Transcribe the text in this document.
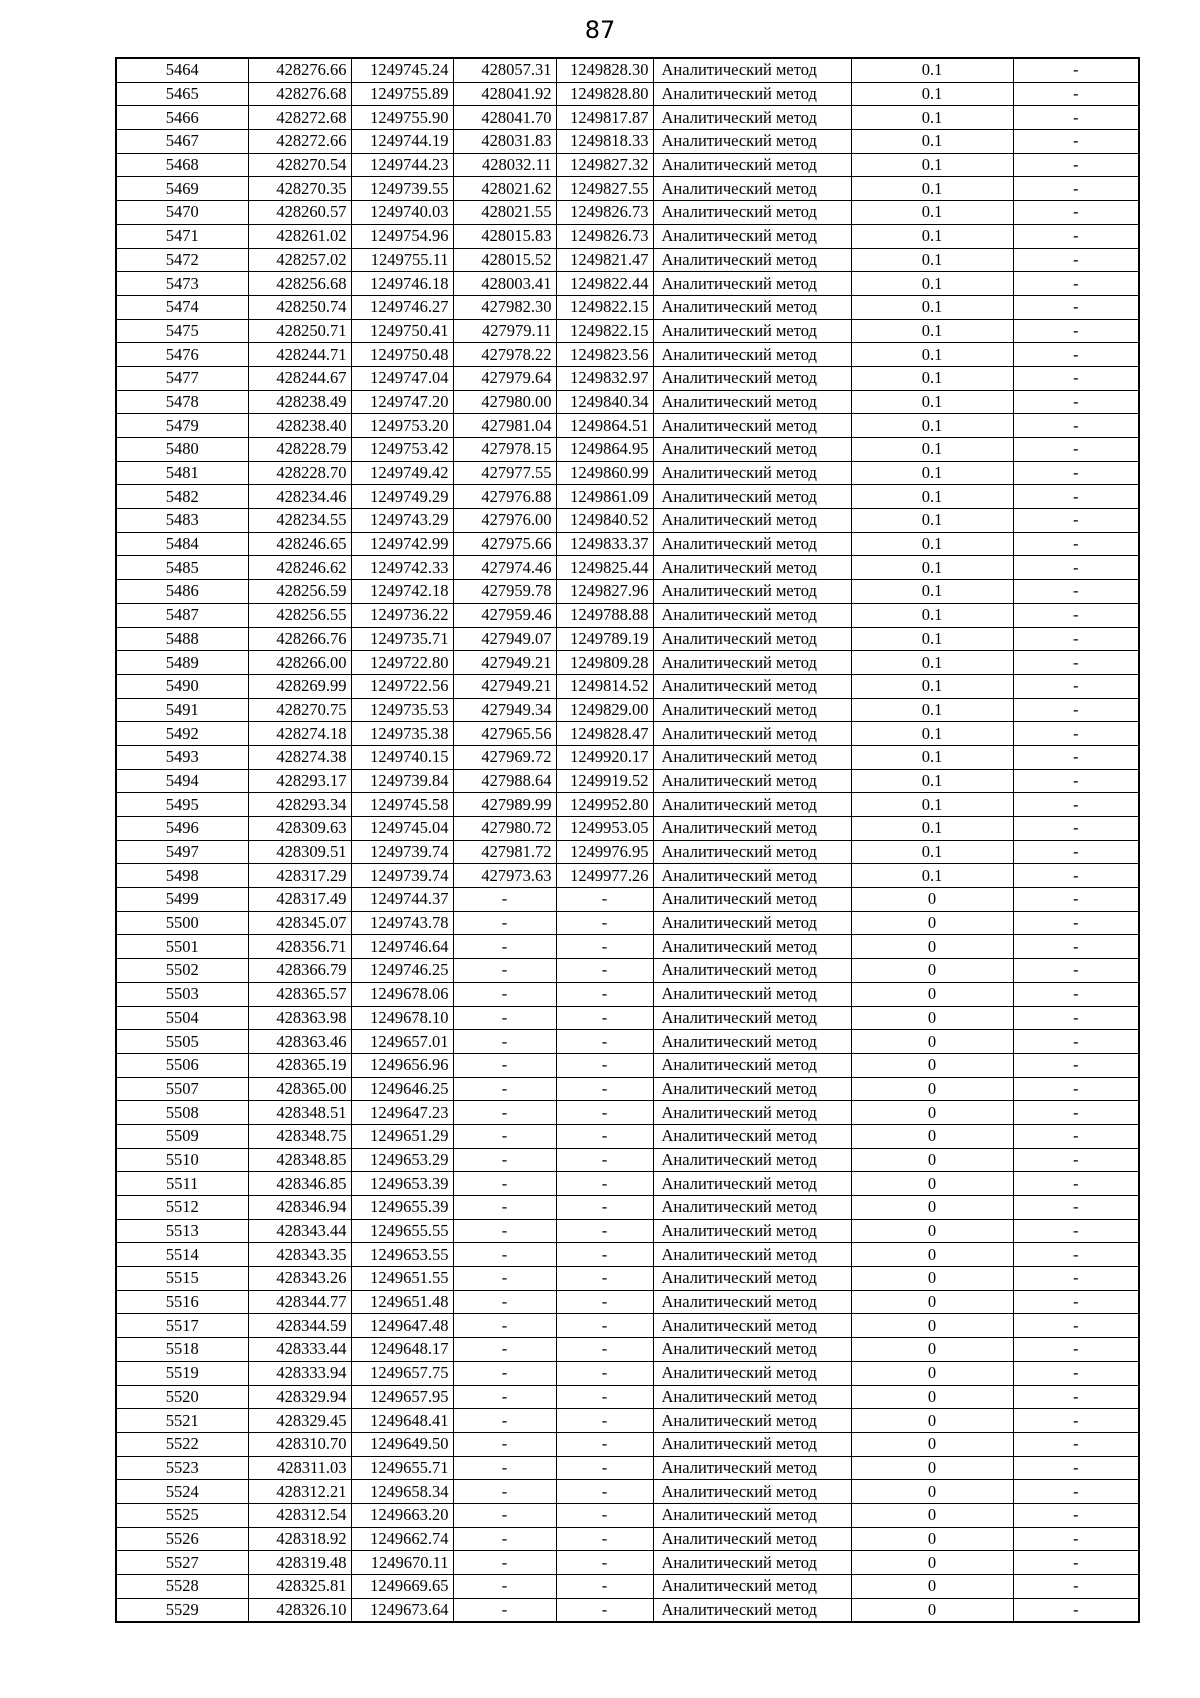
87
5464	428276.66	1249745.24	428057.31	1249828.30	Аналитический метод	0.1	-
5465	428276.68	1249755.89	428041.92	1249828.80	Аналитический метод	0.1	-
5466	428272.68	1249755.90	428041.70	1249817.87	Аналитический метод	0.1	-
5467	428272.66	1249744.19	428031.83	1249818.33	Аналитический метод	0.1	-
5468	428270.54	1249744.23	428032.11	1249827.32	Аналитический метод	0.1	-
5469	428270.35	1249739.55	428021.62	1249827.55	Аналитический метод	0.1	-
5470	428260.57	1249740.03	428021.55	1249826.73	Аналитический метод	0.1	-
5471	428261.02	1249754.96	428015.83	1249826.73	Аналитический метод	0.1	-
5472	428257.02	1249755.11	428015.52	1249821.47	Аналитический метод	0.1	-
5473	428256.68	1249746.18	428003.41	1249822.44	Аналитический метод	0.1	-
5474	428250.74	1249746.27	427982.30	1249822.15	Аналитический метод	0.1	-
5475	428250.71	1249750.41	427979.11	1249822.15	Аналитический метод	0.1	-
5476	428244.71	1249750.48	427978.22	1249823.56	Аналитический метод	0.1	-
5477	428244.67	1249747.04	427979.64	1249832.97	Аналитический метод	0.1	-
5478	428238.49	1249747.20	427980.00	1249840.34	Аналитический метод	0.1	-
5479	428238.40	1249753.20	427981.04	1249864.51	Аналитический метод	0.1	-
5480	428228.79	1249753.42	427978.15	1249864.95	Аналитический метод	0.1	-
5481	428228.70	1249749.42	427977.55	1249860.99	Аналитический метод	0.1	-
5482	428234.46	1249749.29	427976.88	1249861.09	Аналитический метод	0.1	-
5483	428234.55	1249743.29	427976.00	1249840.52	Аналитический метод	0.1	-
5484	428246.65	1249742.99	427975.66	1249833.37	Аналитический метод	0.1	-
5485	428246.62	1249742.33	427974.46	1249825.44	Аналитический метод	0.1	-
5486	428256.59	1249742.18	427959.78	1249827.96	Аналитический метод	0.1	-
5487	428256.55	1249736.22	427959.46	1249788.88	Аналитический метод	0.1	-
5488	428266.76	1249735.71	427949.07	1249789.19	Аналитический метод	0.1	-
5489	428266.00	1249722.80	427949.21	1249809.28	Аналитический метод	0.1	-
5490	428269.99	1249722.56	427949.21	1249814.52	Аналитический метод	0.1	-
5491	428270.75	1249735.53	427949.34	1249829.00	Аналитический метод	0.1	-
5492	428274.18	1249735.38	427965.56	1249828.47	Аналитический метод	0.1	-
5493	428274.38	1249740.15	427969.72	1249920.17	Аналитический метод	0.1	-
5494	428293.17	1249739.84	427988.64	1249919.52	Аналитический метод	0.1	-
5495	428293.34	1249745.58	427989.99	1249952.80	Аналитический метод	0.1	-
5496	428309.63	1249745.04	427980.72	1249953.05	Аналитический метод	0.1	-
5497	428309.51	1249739.74	427981.72	1249976.95	Аналитический метод	0.1	-
5498	428317.29	1249739.74	427973.63	1249977.26	Аналитический метод	0.1	-
5499	428317.49	1249744.37	-	-	Аналитический метод	0	-
5500	428345.07	1249743.78	-	-	Аналитический метод	0	-
5501	428356.71	1249746.64	-	-	Аналитический метод	0	-
5502	428366.79	1249746.25	-	-	Аналитический метод	0	-
5503	428365.57	1249678.06	-	-	Аналитический метод	0	-
5504	428363.98	1249678.10	-	-	Аналитический метод	0	-
5505	428363.46	1249657.01	-	-	Аналитический метод	0	-
5506	428365.19	1249656.96	-	-	Аналитический метод	0	-
5507	428365.00	1249646.25	-	-	Аналитический метод	0	-
5508	428348.51	1249647.23	-	-	Аналитический метод	0	-
5509	428348.75	1249651.29	-	-	Аналитический метод	0	-
5510	428348.85	1249653.29	-	-	Аналитический метод	0	-
5511	428346.85	1249653.39	-	-	Аналитический метод	0	-
5512	428346.94	1249655.39	-	-	Аналитический метод	0	-
5513	428343.44	1249655.55	-	-	Аналитический метод	0	-
5514	428343.35	1249653.55	-	-	Аналитический метод	0	-
5515	428343.26	1249651.55	-	-	Аналитический метод	0	-
5516	428344.77	1249651.48	-	-	Аналитический метод	0	-
5517	428344.59	1249647.48	-	-	Аналитический метод	0	-
5518	428333.44	1249648.17	-	-	Аналитический метод	0	-
5519	428333.94	1249657.75	-	-	Аналитический метод	0	-
5520	428329.94	1249657.95	-	-	Аналитический метод	0	-
5521	428329.45	1249648.41	-	-	Аналитический метод	0	-
5522	428310.70	1249649.50	-	-	Аналитический метод	0	-
5523	428311.03	1249655.71	-	-	Аналитический метод	0	-
5524	428312.21	1249658.34	-	-	Аналитический метод	0	-
5525	428312.54	1249663.20	-	-	Аналитический метод	0	-
5526	428318.92	1249662.74	-	-	Аналитический метод	0	-
5527	428319.48	1249670.11	-	-	Аналитический метод	0	-
5528	428325.81	1249669.65	-	-	Аналитический метод	0	-
5529	428326.10	1249673.64	-	-	Аналитический метод	0	-
